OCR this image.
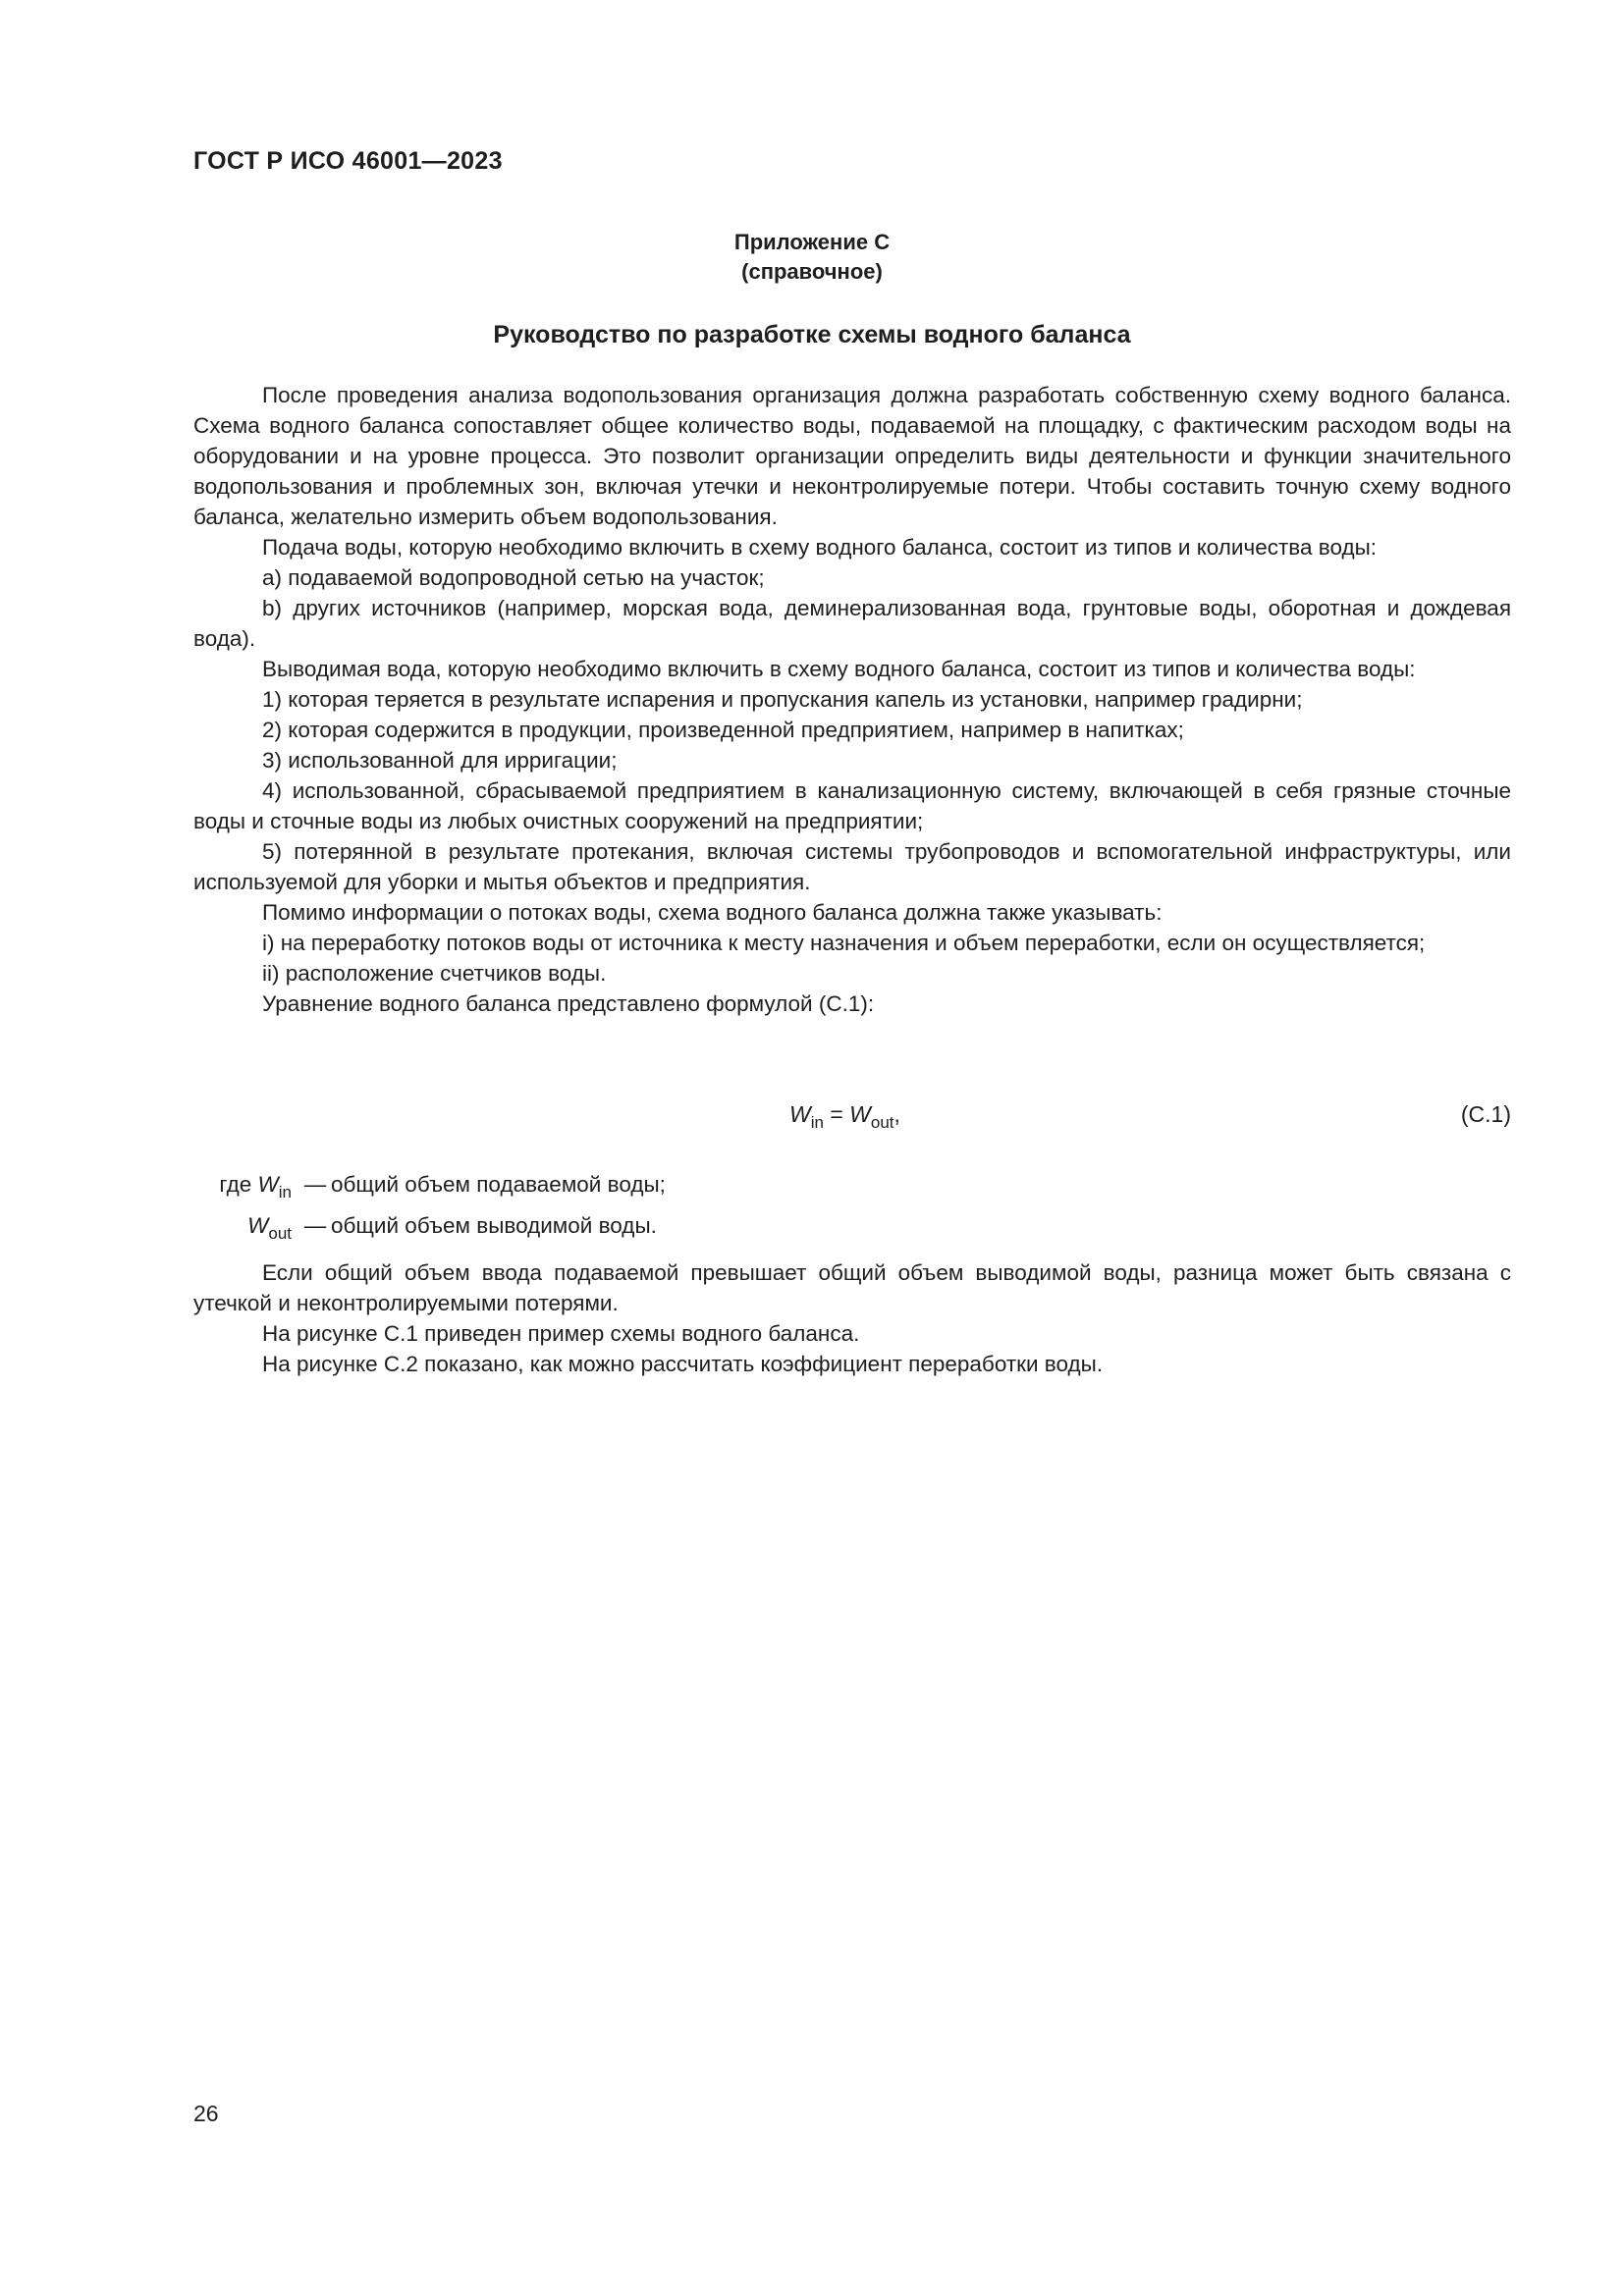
ГОСТ Р ИСО 46001—2023
Приложение С
(справочное)
Руководство по разработке схемы водного баланса

После проведения анализа водопользования организация должна разработать собственную схему водного баланса. Схема водного баланса сопоставляет общее количество воды, подаваемой на площадку, с фактическим расходом воды на оборудовании и на уровне процесса. Это позволит организации определить виды деятельности и функции значительного водопользования и проблемных зон, включая утечки и неконтролируемые потери. Чтобы составить точную схему водного баланса, желательно измерить объем водопользования.

Подача воды, которую необходимо включить в схему водного баланса, состоит из типов и количества воды:

a) подаваемой водопроводной сетью на участок;

b) других источников (например, морская вода, деминерализованная вода, грунтовые воды, оборотная и дождевая вода).

Выводимая вода, которую необходимо включить в схему водного баланса, состоит из типов и количества воды:

1) которая теряется в результате испарения и пропускания капель из установки, например градирни;

2) которая содержится в продукции, произведенной предприятием, например в напитках;

3) использованной для ирригации;

4) использованной, сбрасываемой предприятием в канализационную систему, включающей в себя грязные сточные воды и сточные воды из любых очистных сооружений на предприятии;

5) потерянной в результате протекания, включая системы трубопроводов и вспомогательной инфраструктуры, или используемой для уборки и мытья объектов и предприятия.

Помимо информации о потоках воды, схема водного баланса должна также указывать:

i) на переработку потоков воды от источника к месту назначения и объем переработки, если он осуществляется;

ii) расположение счетчиков воды.

Уравнение водного баланса представлено формулой (С.1):

$W_{in} = W_{out}$,	(С.1)
где $W_{in}$ — общий объем подаваемой воды;
$W_{out}$ — общий объем выводимой воды.

Если общий объем ввода подаваемой превышает общий объем выводимой воды, разница может быть связана с утечкой и неконтролируемыми потерями.

На рисунке С.1 приведен пример схемы водного баланса.

На рисунке С.2 показано, как можно рассчитать коэффициент переработки воды.

26
